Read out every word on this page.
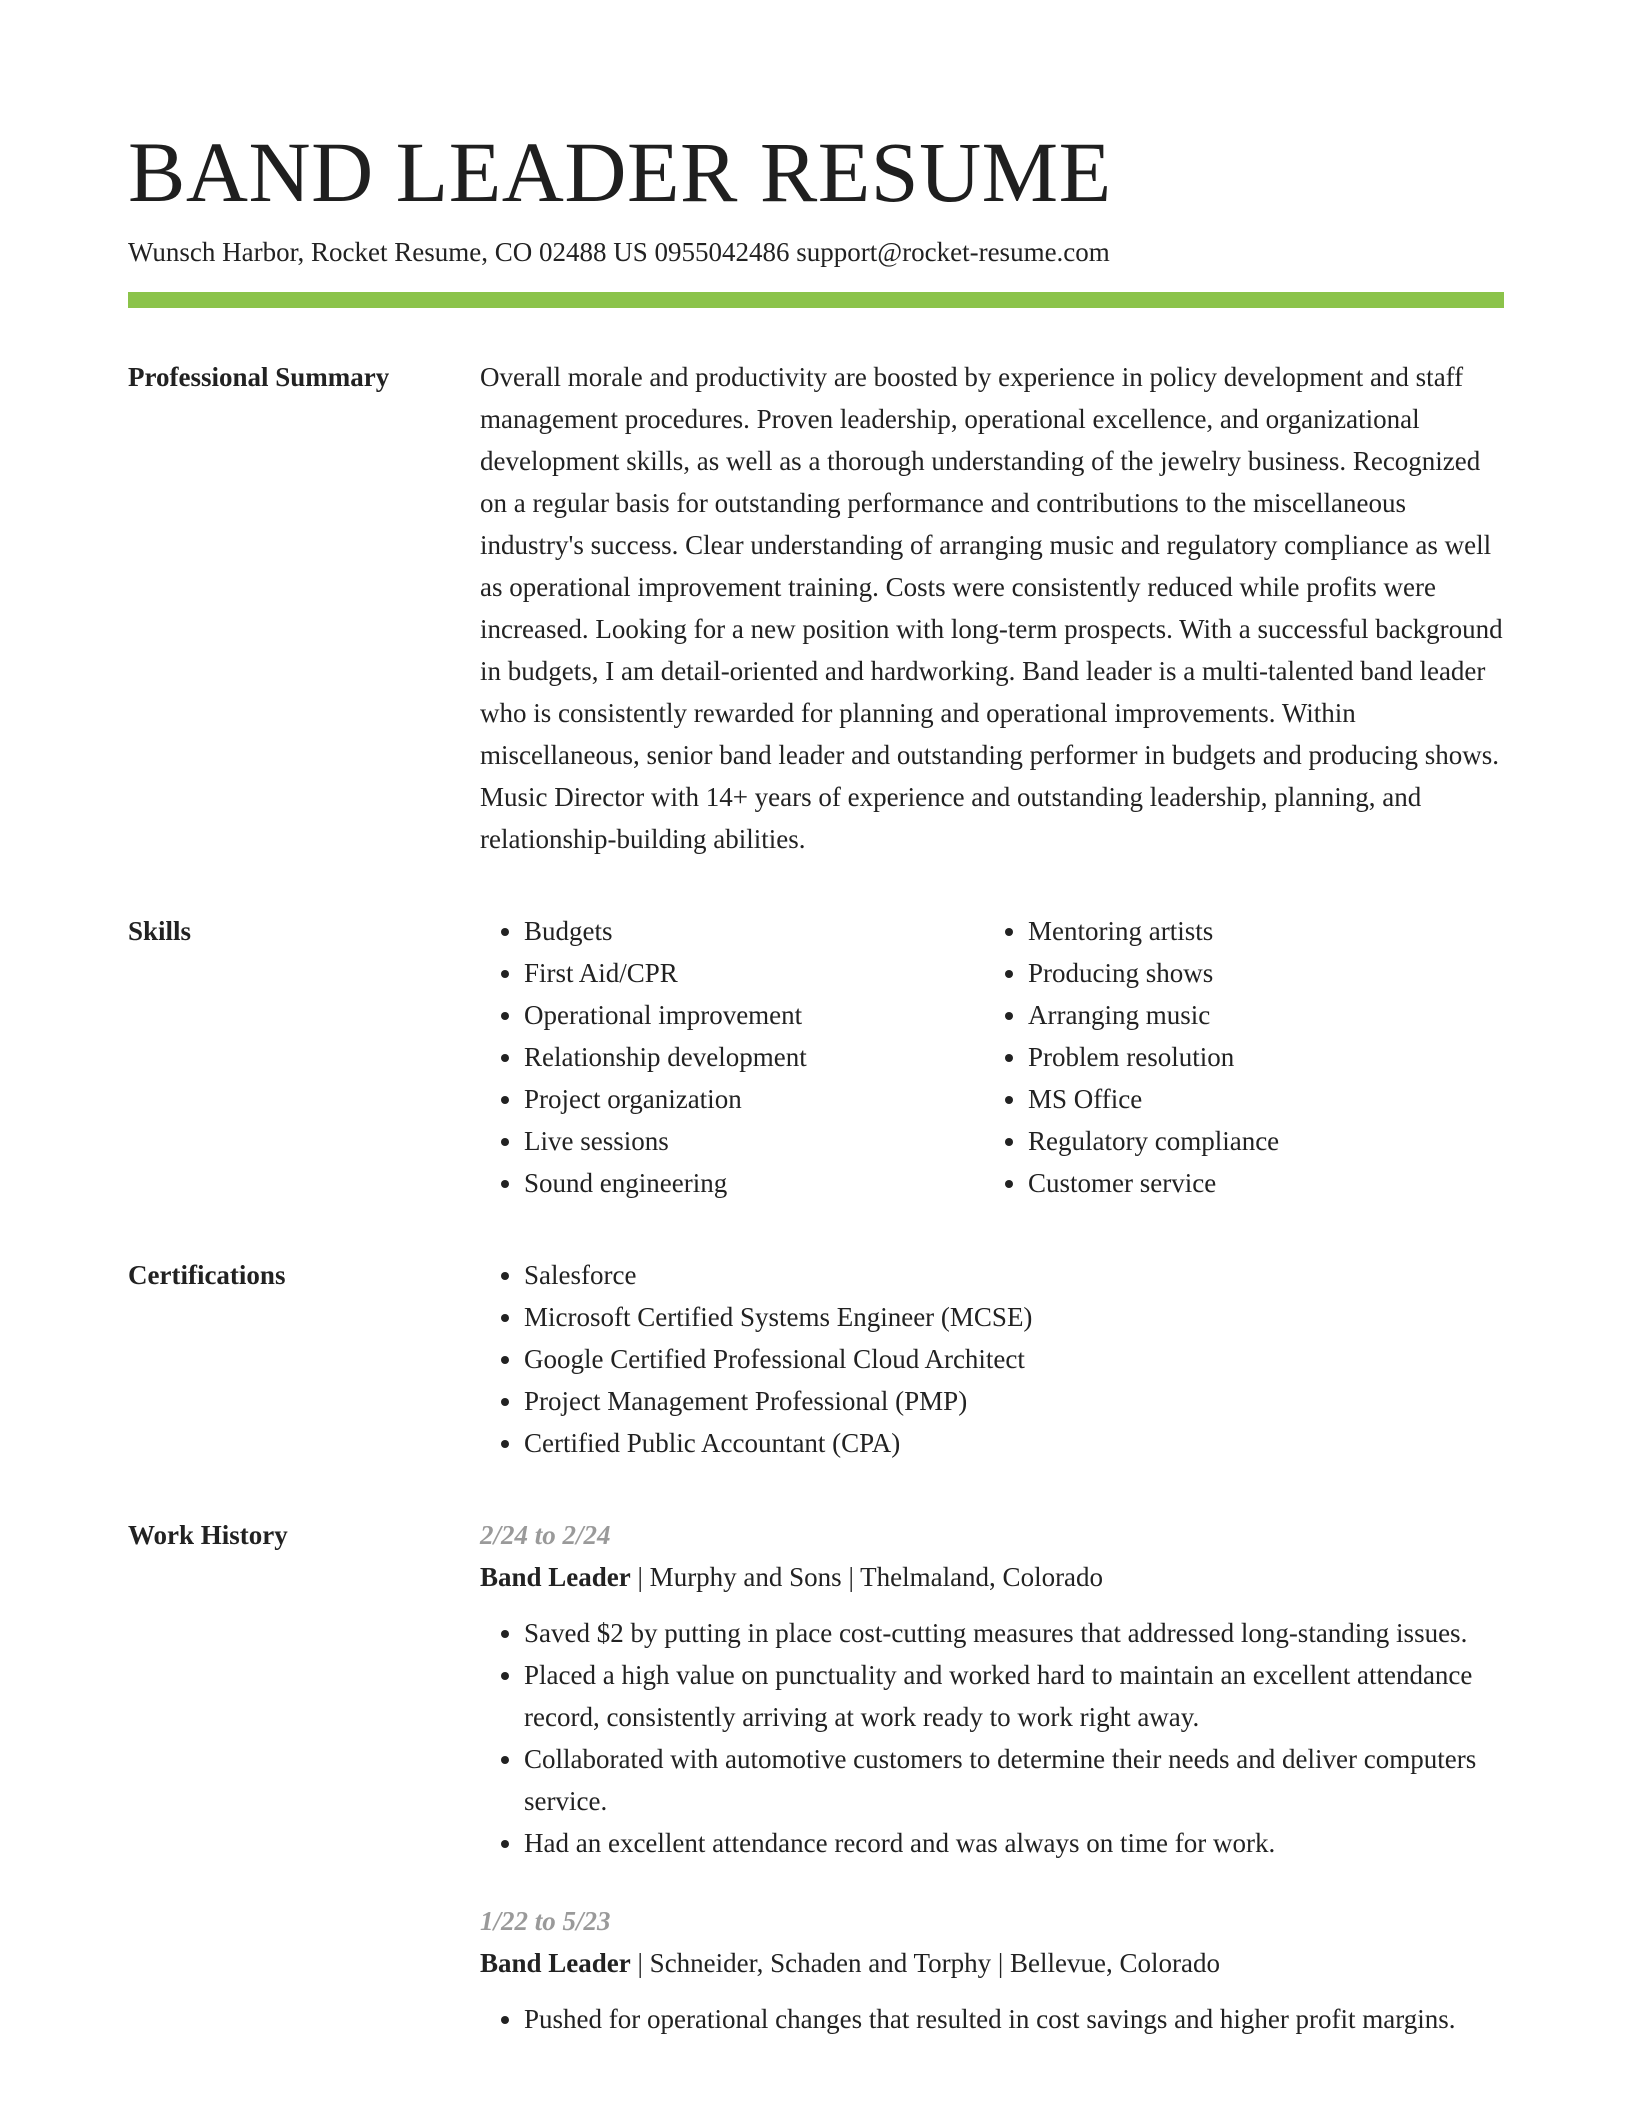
BAND LEADER RESUME
Wunsch Harbor, Rocket Resume, CO 02488 US 0955042486 support@rocket-resume.com
Professional Summary	Overall morale and productivity are boosted by experience in policy development and staff management procedures. Proven leadership, operational excellence, and organizational development skills, as well as a thorough understanding of the jewelry business. Recognized on a regular basis for outstanding performance and contributions to the miscellaneous industry's success. Clear understanding of arranging music and regulatory compliance as well as operational improvement training. Costs were consistently reduced while profits were increased. Looking for a new position with long-term prospects. With a successful background in budgets, I am detail-oriented and hardworking. Band leader is a multi-talented band leader who is consistently rewarded for planning and operational improvements. Within miscellaneous, senior band leader and outstanding performer in budgets and producing shows. Music Director with 14+ years of experience and outstanding leadership, planning, and relationship-building abilities.

Skills	• Budgets
• First Aid/CPR
• Operational improvement
• Relationship development
• Project organization
• Live sessions
• Sound engineering
• Mentoring artists
• Producing shows
• Arranging music
• Problem resolution
• MS Office
• Regulatory compliance
• Customer service
Certifications	• Salesforce
• Microsoft Certified Systems Engineer (MCSE)
• Google Certified Professional Cloud Architect
• Project Management Professional (PMP)
• Certified Public Accountant (CPA)
Work History	2/24 to 2/24
Band Leader | Murphy and Sons | Thelmaland, Colorado
• Saved $2 by putting in place cost-cutting measures that addressed long-standing issues.
• Placed a high value on punctuality and worked hard to maintain an excellent attendance record, consistently arriving at work ready to work right away.
• Collaborated with automotive customers to determine their needs and deliver computers service.
• Had an excellent attendance record and was always on time for work.
1/22 to 5/23
Band Leader | Schneider, Schaden and Torphy | Bellevue, Colorado
• Pushed for operational changes that resulted in cost savings and higher profit margins.
